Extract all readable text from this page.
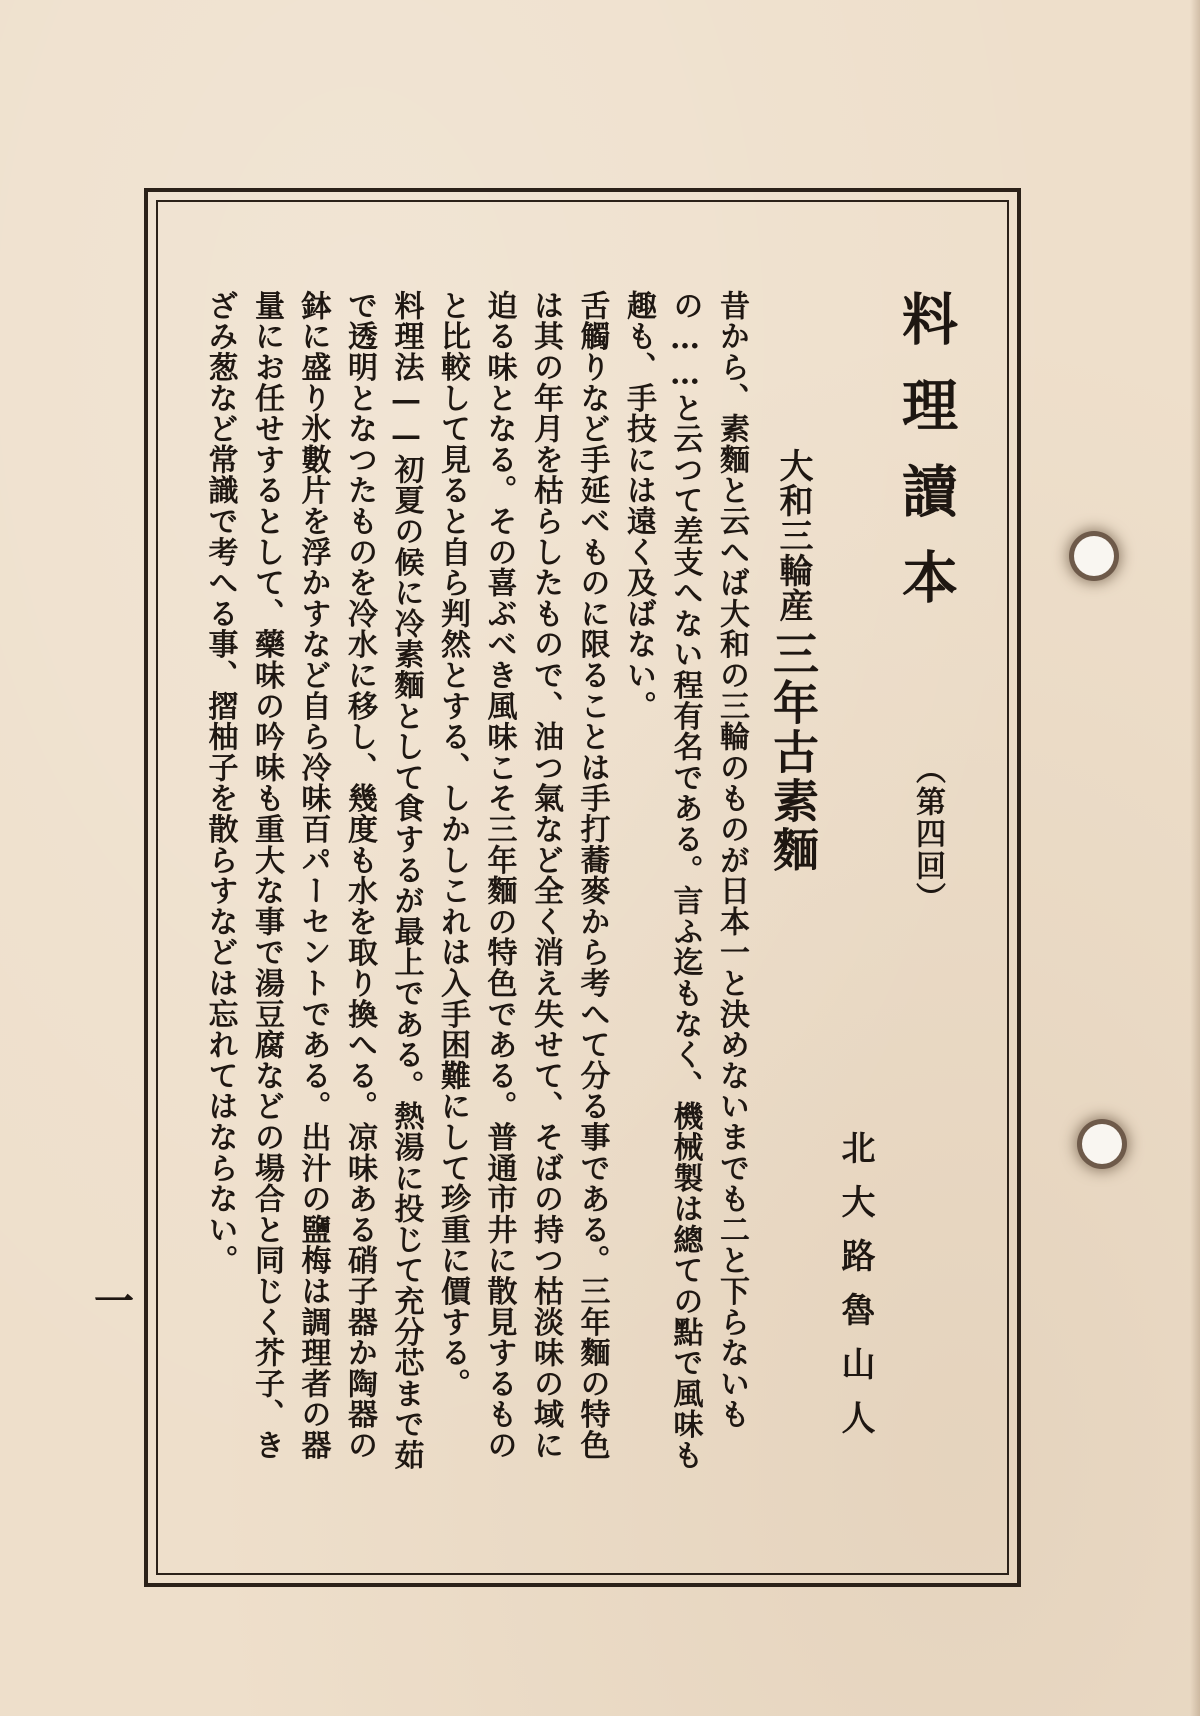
料理讀本
（第四回）
大和三輪産
三年古素麵
北大路魯山人

昔から、素麵と云へば大和の三輪のものが日本一と決めないまでも二と下らないもの……と云つて差支へない程有名である。言ふ迄もなく、機械製は總ての點で風味も趣も、手技には遠く及ばない。

舌觸りなど手延べものに限ることは手打蕎麥から考へて分る事である。三年麵の特色は其の年月を枯らしたもので、油つ氣など全く消え失せて、そばの持つ枯淡味の域に迫る味となる。その喜ぶべき風味こそ三年麵の特色である。普通市井に散見するものと比較して見ると自ら判然とする、しかしこれは入手困難にして珍重に價する。

料理法——初夏の候に冷素麵として食するが最上である。熱湯に投じて充分芯まで茹で透明となつたものを冷水に移し、幾度も水を取り換へる。凉味ある硝子器か陶器の鉢に盛り氷數片を浮かすなど自ら冷味百パーセントである。出汁の鹽梅は調理者の器量にお任せするとして、藥味の吟味も重大な事で湯豆腐などの場合と同じく芥子、きざみ葱など常識で考へる事、摺柚子を散らすなどは忘れてはならない。

一
